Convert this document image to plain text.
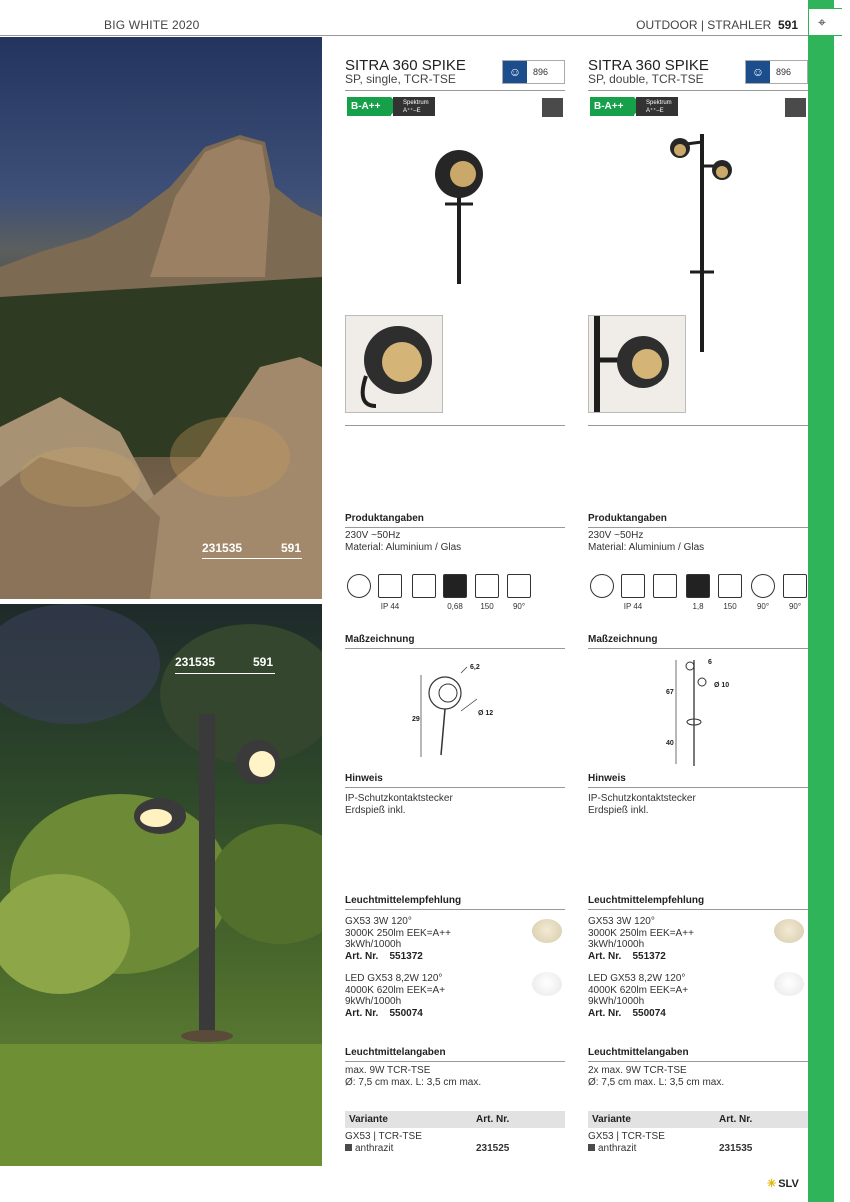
BIG WHITE 2020	OUTDOOR | STRAHLER 591 ⌖
231535	591
231535	591
SITRA 360 SPIKE
SP, single, TCR-TSE	☺	896
B-A++	Spektrum
A⁺⁺–E
Produktangaben
230V ~50Hz
Material: Aluminium / Glas
IP 44	0,68	150	90°
Maßzeichnung
6,2
Ø 12
29
Hinweis
IP-Schutzkontaktstecker
Erdspieß inkl.
Leuchtmittelempfehlung
GX53 3W 120°
3000K 250lm EEK=A++
3kWh/1000h
Art. Nr. 551372
LED GX53 8,2W 120°
4000K 620lm EEK=A+
9kWh/1000h
Art. Nr. 550074
Leuchtmittelangaben
max. 9W TCR-TSE
Ø: 7,5 cm max. L: 3,5 cm max.
Variante	Art. Nr.
GX53 | TCR-TSE
anthrazit	231525
SITRA 360 SPIKE
SP, double, TCR-TSE	☺	896
B-A++	Spektrum
A⁺⁺–E
Produktangaben
230V ~50Hz
Material: Aluminium / Glas
IP 44	1,8	150	90°	90°
Maßzeichnung
6
Ø 10
67
40
Hinweis
IP-Schutzkontaktstecker
Erdspieß inkl.
Leuchtmittelempfehlung
GX53 3W 120°
3000K 250lm EEK=A++
3kWh/1000h
Art. Nr. 551372
LED GX53 8,2W 120°
4000K 620lm EEK=A+
9kWh/1000h
Art. Nr. 550074
Leuchtmittelangaben
2x max. 9W TCR-TSE
Ø: 7,5 cm max. L: 3,5 cm max.
Variante	Art. Nr.
GX53 | TCR-TSE
anthrazit	231535
✳ SLV
